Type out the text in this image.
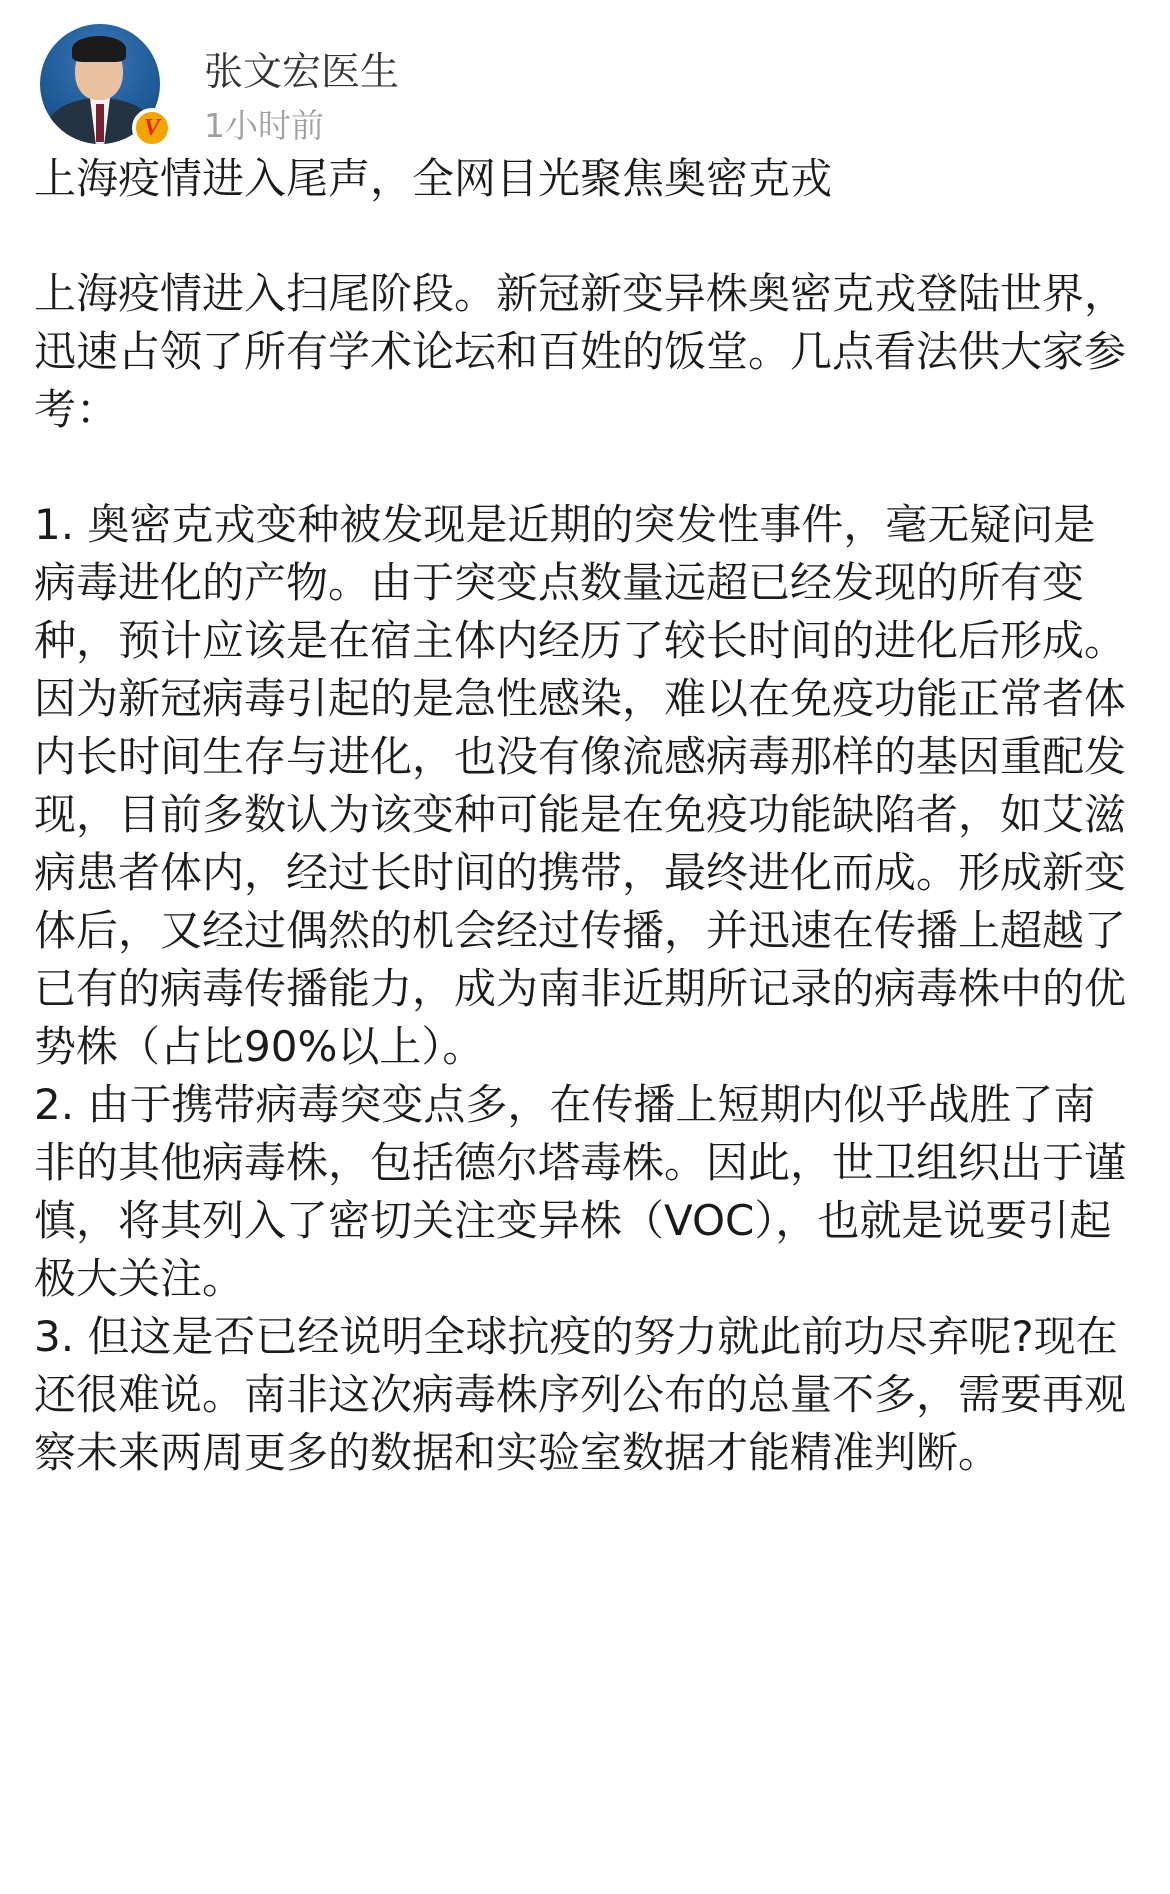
V
张文宏医生
1小时前

上海疫情进入尾声，全网目光聚焦奥密克戎

上海疫情进入扫尾阶段。新冠新变异株奥密克戎登陆世界，迅速占领了所有学术论坛和百姓的饭堂。几点看法供大家参考：

1. 奥密克戎变种被发现是近期的突发性事件，毫无疑问是病毒进化的产物。由于突变点数量远超已经发现的所有变种，预计应该是在宿主体内经历了较长时间的进化后形成。因为新冠病毒引起的是急性感染，难以在免疫功能正常者体内长时间生存与进化，也没有像流感病毒那样的基因重配发现，目前多数认为该变种可能是在免疫功能缺陷者，如艾滋病患者体内，经过长时间的携带，最终进化而成。形成新变体后，又经过偶然的机会经过传播，并迅速在传播上超越了已有的病毒传播能力，成为南非近期所记录的病毒株中的优势株（占比90%以上）。

2. 由于携带病毒突变点多，在传播上短期内似乎战胜了南非的其他病毒株，包括德尔塔毒株。因此，世卫组织出于谨慎，将其列入了密切关注变异株（VOC），也就是说要引起极大关注。

3. 但这是否已经说明全球抗疫的努力就此前功尽弃呢?现在还很难说。南非这次病毒株序列公布的总量不多，需要再观察未来两周更多的数据和实验室数据才能精准判断。
